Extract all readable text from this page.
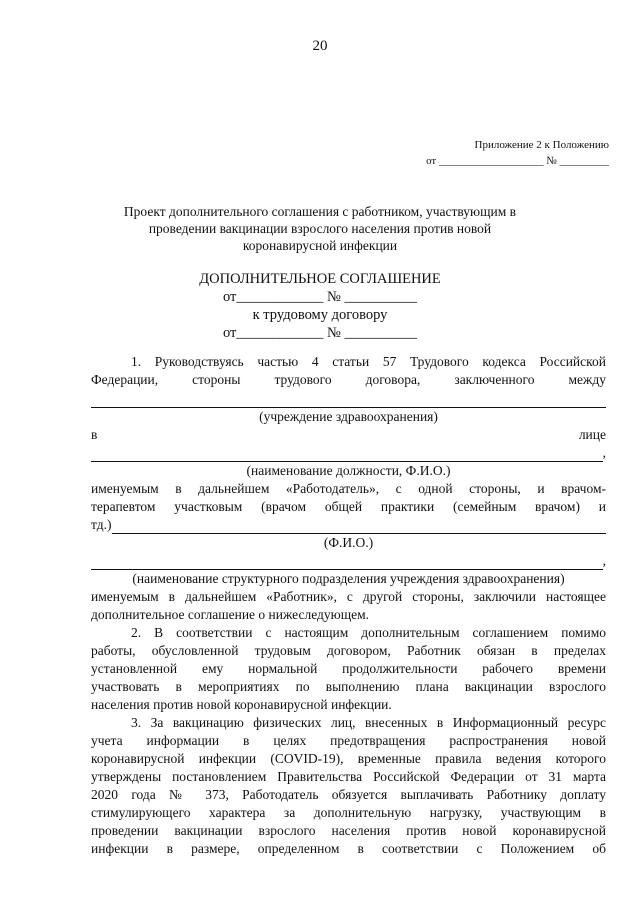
20
Приложение 2 к Положению
от ___________________ № _________
Проект дополнительного соглашения с работником, участвующим в
проведении вакцинации взрослого населения против новой
коронавирусной инфекции
ДОПОЛНИТЕЛЬНОЕ СОГЛАШЕНИЕ
от____________ № __________
к трудовому договору
от____________ № __________
1. Руководствуясь частью 4 статьи 57 Трудового кодекса Российской
Федерации, стороны трудового договора, заключенного между
(учреждение здравоохранения)
в	лице
,
(наименование должности, Ф.И.О.)
именуемым в дальнейшем «Работодатель», с одной стороны, и врачом-
терапевтом участковым (врачом общей практики (семейным врачом) и
тд.)
(Ф.И.О.)
,
(наименование структурного подразделения учреждения здравоохранения)
именуемым в дальнейшем «Работник», с другой стороны, заключили настоящее
дополнительное соглашение о нижеследующем.
2. В соответствии с настоящим дополнительным соглашением помимо
работы, обусловленной трудовым договором, Работник обязан в пределах
установленной ему нормальной продолжительности рабочего времени
участвовать в мероприятиях по выполнению плана вакцинации взрослого
населения против новой коронавирусной инфекции.
3. За вакцинацию физических лиц, внесенных в Информационный ресурс
учета информации в целях предотвращения распространения новой
коронавирусной инфекции (COVID-19), временные правила ведения которого
утверждены постановлением Правительства Российской Федерации от 31 марта
2020 года № 373, Работодатель обязуется выплачивать Работнику доплату
стимулирующего характера за дополнительную нагрузку, участвующим в
проведении вакцинации взрослого населения против новой коронавирусной
инфекции в размере, определенном в соответствии с Положением об
